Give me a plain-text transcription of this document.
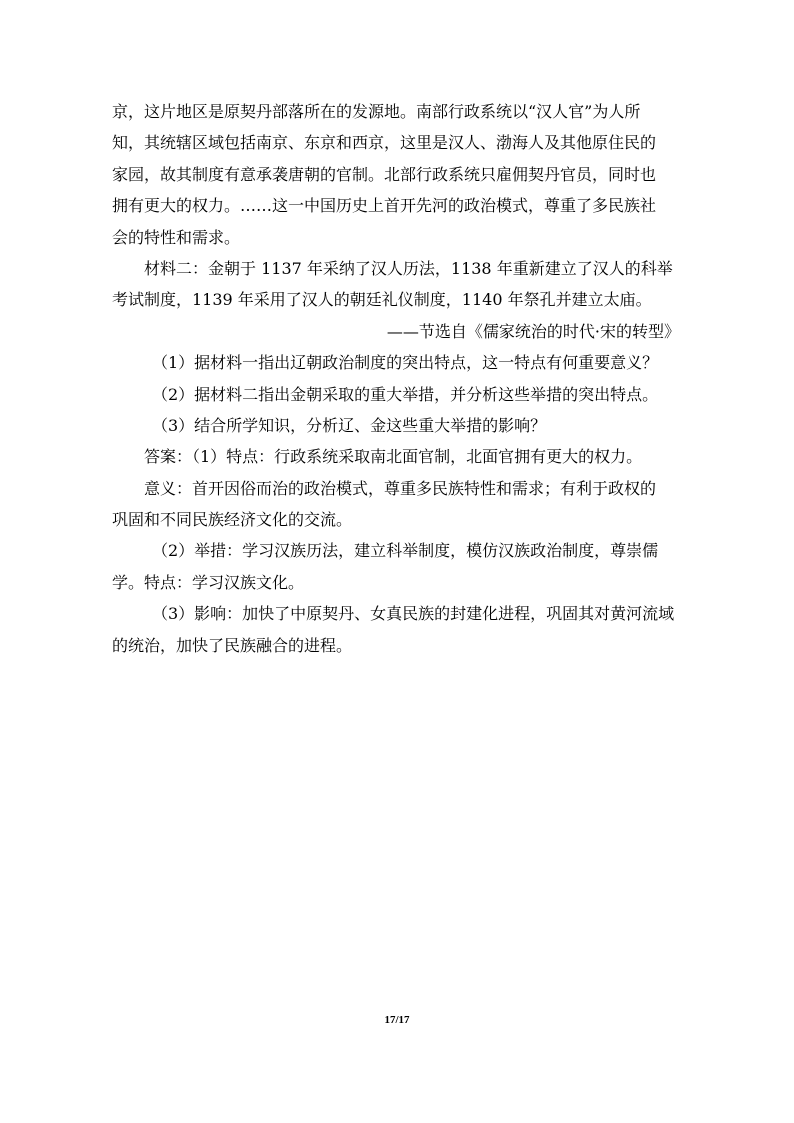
京，这片地区是原契丹部落所在的发源地。南部行政系统以“汉人官”为人所

知，其统辖区域包括南京、东京和西京，这里是汉人、渤海人及其他原住民的

家园，故其制度有意承袭唐朝的官制。北部行政系统只雇佣契丹官员，同时也

拥有更大的权力。……这一中国历史上首开先河的政治模式，尊重了多民族社

会的特性和需求。

材料二：金朝于 1137 年采纳了汉人历法，1138 年重新建立了汉人的科举

考试制度，1139 年采用了汉人的朝廷礼仪制度，1140 年祭孔并建立太庙。

——节选自《儒家统治的时代·宋的转型》

（1）据材料一指出辽朝政治制度的突出特点，这一特点有何重要意义？

（2）据材料二指出金朝采取的重大举措，并分析这些举措的突出特点。

（3）结合所学知识，分析辽、金这些重大举措的影响？

答案：（1）特点：行政系统采取南北面官制，北面官拥有更大的权力。

意义：首开因俗而治的政治模式，尊重多民族特性和需求；有利于政权的

巩固和不同民族经济文化的交流。

（2）举措：学习汉族历法，建立科举制度，模仿汉族政治制度，尊崇儒

学。特点：学习汉族文化。

（3）影响：加快了中原契丹、女真民族的封建化进程，巩固其对黄河流域

的统治，加快了民族融合的进程。

17/17
